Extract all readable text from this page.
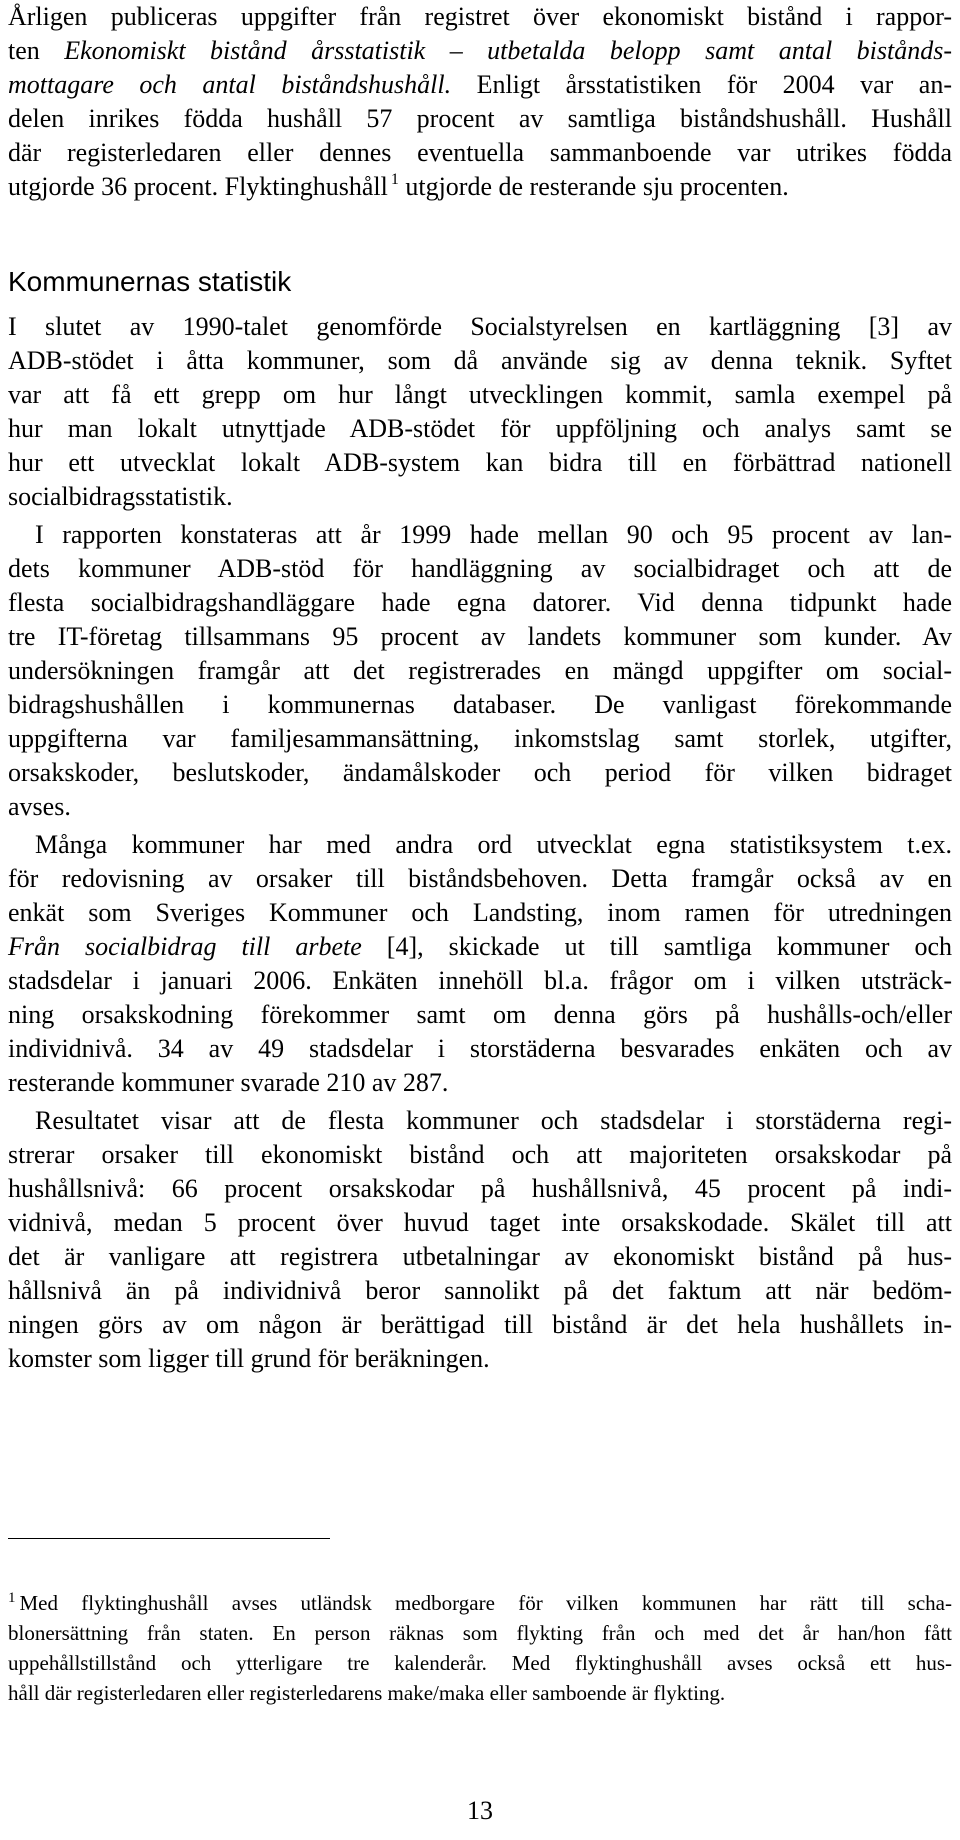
Årligen publiceras uppgifter från registret över ekonomiskt bistånd i rappor-
ten Ekonomiskt bistånd årsstatistik – utbetalda belopp samt antal bistånds-
mottagare och antal biståndshushåll. Enligt årsstatistiken för 2004 var an-
delen inrikes födda hushåll 57 procent av samtliga biståndshushåll. Hushåll
där registerledaren eller dennes eventuella sammanboende var utrikes födda
utgjorde 36 procent. Flyktinghushåll $^1$ utgjorde de resterande sju procenten.
Kommunernas statistik
I slutet av 1990-talet genomförde Socialstyrelsen en kartläggning [3] av
ADB-stödet i åtta kommuner, som då använde sig av denna teknik. Syftet
var att få ett grepp om hur långt utvecklingen kommit, samla exempel på
hur man lokalt utnyttjade ADB-stödet för uppföljning och analys samt se
hur ett utvecklat lokalt ADB-system kan bidra till en förbättrad nationell
socialbidragsstatistik.
I rapporten konstateras att år 1999 hade mellan 90 och 95 procent av lan-
dets kommuner ADB-stöd för handläggning av socialbidraget och att de
flesta socialbidragshandläggare hade egna datorer. Vid denna tidpunkt hade
tre IT-företag tillsammans 95 procent av landets kommuner som kunder. Av
undersökningen framgår att det registrerades en mängd uppgifter om social-
bidragshushållen i kommunernas databaser. De vanligast förekommande
uppgifterna var familjesammansättning, inkomstslag samt storlek, utgifter,
orsakskoder, beslutskoder, ändamålskoder och period för vilken bidraget
avses.
Många kommuner har med andra ord utvecklat egna statistiksystem t.ex.
för redovisning av orsaker till biståndsbehoven. Detta framgår också av en
enkät som Sveriges Kommuner och Landsting, inom ramen för utredningen
Från socialbidrag till arbete [4], skickade ut till samtliga kommuner och
stadsdelar i januari 2006. Enkäten innehöll bl.a. frågor om i vilken utsträck-
ning orsakskodning förekommer samt om denna görs på hushålls-och/eller
individnivå. 34 av 49 stadsdelar i storstäderna besvarades enkäten och av
resterande kommuner svarade 210 av 287.
Resultatet visar att de flesta kommuner och stadsdelar i storstäderna regi-
strerar orsaker till ekonomiskt bistånd och att majoriteten orsakskodar på
hushållsnivå: 66 procent orsakskodar på hushållsnivå, 45 procent på indi-
vidnivå, medan 5 procent över huvud taget inte orsakskodade. Skälet till att
det är vanligare att registrera utbetalningar av ekonomiskt bistånd på hus-
hållsnivå än på individnivå beror sannolikt på det faktum att när bedöm-
ningen görs av om någon är berättigad till bistånd är det hela hushållets in-
komster som ligger till grund för beräkningen.
$^1$ Med flyktinghushåll avses utländsk medborgare för vilken kommunen har rätt till scha-
blonersättning från staten. En person räknas som flykting från och med det år han/hon fått
uppehållstillstånd och ytterligare tre kalenderår. Med flyktinghushåll avses också ett hus-
håll där registerledaren eller registerledarens make/maka eller samboende är flykting.
13
